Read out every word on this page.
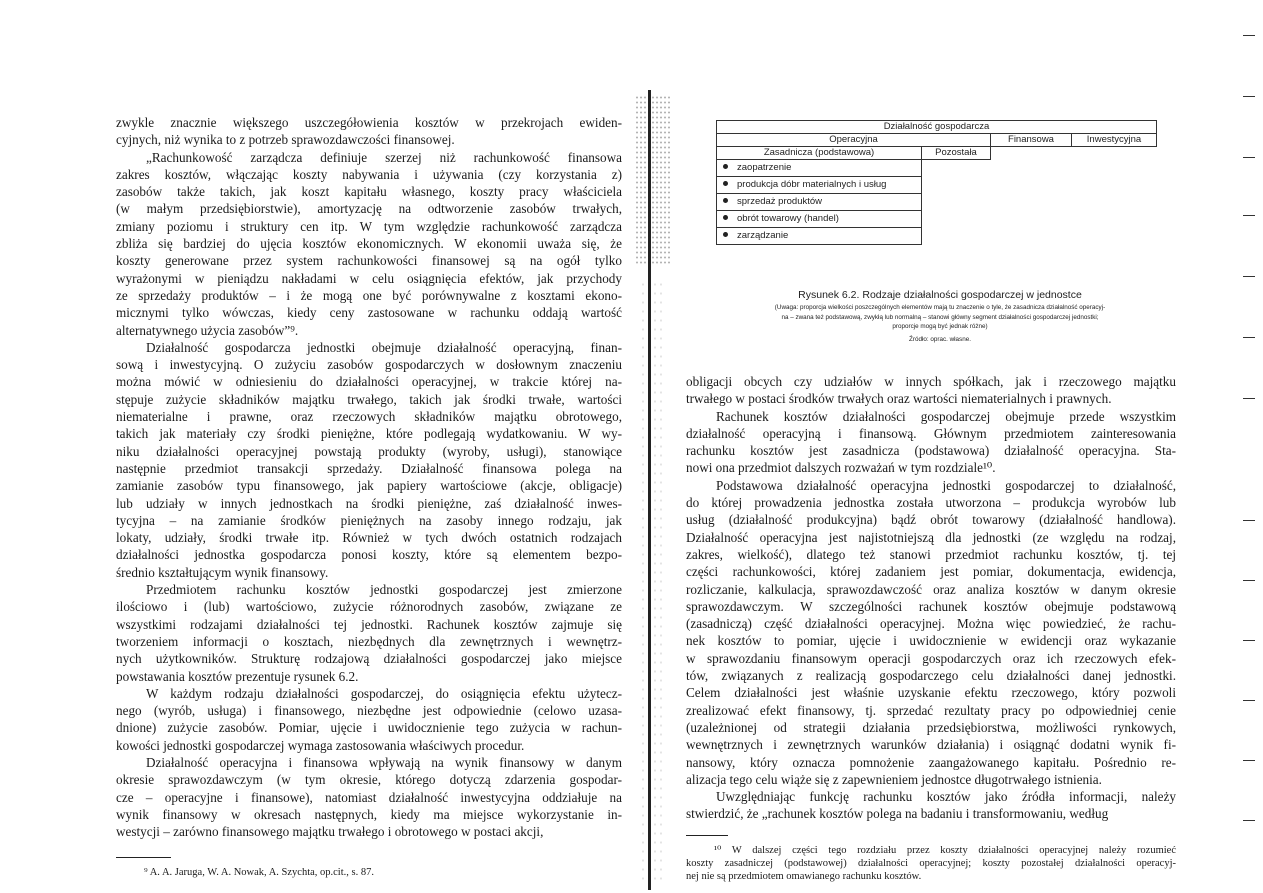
zwykle znacznie większego uszczegółowienia kosztów w przekrojach ewiden-
cyjnych, niż wynika to z potrzeb sprawozdawczości finansowej.
„Rachunkowość zarządcza definiuje szerzej niż rachunkowość finansowa
zakres kosztów, włączając koszty nabywania i używania (czy korzystania z)
zasobów także takich, jak koszt kapitału własnego, koszty pracy właściciela
(w małym przedsiębiorstwie), amortyzację na odtworzenie zasobów trwałych,
zmiany poziomu i struktury cen itp. W tym względzie rachunkowość zarządcza
zbliża się bardziej do ujęcia kosztów ekonomicznych. W ekonomii uważa się, że
koszty generowane przez system rachunkowości finansowej są na ogół tylko
wyrażonymi w pieniądzu nakładami w celu osiągnięcia efektów, jak przychody
ze sprzedaży produktów – i że mogą one być porównywalne z kosztami ekono-
micznymi tylko wówczas, kiedy ceny zastosowane w rachunku oddają wartość
alternatywnego użycia zasobów”⁹.
Działalność gospodarcza jednostki obejmuje działalność operacyjną, finan-
sową i inwestycyjną. O zużyciu zasobów gospodarczych w dosłownym znaczeniu
można mówić w odniesieniu do działalności operacyjnej, w trakcie której na-
stępuje zużycie składników majątku trwałego, takich jak środki trwałe, wartości
niematerialne i prawne, oraz rzeczowych składników majątku obrotowego,
takich jak materiały czy środki pieniężne, które podlegają wydatkowaniu. W wy-
niku działalności operacyjnej powstają produkty (wyroby, usługi), stanowiące
następnie przedmiot transakcji sprzedaży. Działalność finansowa polega na
zamianie zasobów typu finansowego, jak papiery wartościowe (akcje, obligacje)
lub udziały w innych jednostkach na środki pieniężne, zaś działalność inwes-
tycyjna – na zamianie środków pieniężnych na zasoby innego rodzaju, jak
lokaty, udziały, środki trwałe itp. Również w tych dwóch ostatnich rodzajach
działalności jednostka gospodarcza ponosi koszty, które są elementem bezpo-
średnio kształtującym wynik finansowy.
Przedmiotem rachunku kosztów jednostki gospodarczej jest zmierzone
ilościowo i (lub) wartościowo, zużycie różnorodnych zasobów, związane ze
wszystkimi rodzajami działalności tej jednostki. Rachunek kosztów zajmuje się
tworzeniem informacji o kosztach, niezbędnych dla zewnętrznych i wewnętrz-
nych użytkowników. Strukturę rodzajową działalności gospodarczej jako miejsce
powstawania kosztów prezentuje rysunek 6.2.
W każdym rodzaju działalności gospodarczej, do osiągnięcia efektu użytecz-
nego (wyrób, usługa) i finansowego, niezbędne jest odpowiednie (celowo uzasa-
dnione) zużycie zasobów. Pomiar, ujęcie i uwidocznienie tego zużycia w rachun-
kowości jednostki gospodarczej wymaga zastosowania właściwych procedur.
Działalność operacyjna i finansowa wpływają na wynik finansowy w danym
okresie sprawozdawczym (w tym okresie, którego dotyczą zdarzenia gospodar-
cze – operacyjne i finansowe), natomiast działalność inwestycyjna oddziałuje na
wynik finansowy w okresach następnych, kiedy ma miejsce wykorzystanie in-
westycji – zarówno finansowego majątku trwałego i obrotowego w postaci akcji,
⁹ A. A. Jaruga, W. A. Nowak, A. Szychta, op.cit., s. 87.
Działalność gospodarcza
Operacyjna	Finansowa	Inwestycyjna
Zasadnicza (podstawowa)	Pozostała
zaopatrzenie
produkcja dóbr materialnych i usług
sprzedaż produktów
obrót towarowy (handel)
zarządzanie
Rysunek 6.2. Rodzaje działalności gospodarczej w jednostce
(Uwaga: proporcja wielkości poszczególnych elementów mają tu znaczenie o tyle, że zasadnicza działalność operacyj-
na – zwana też podstawową, zwykłą lub normalną – stanowi główny segment działalności gospodarczej jednostki;
proporcje mogą być jednak różne)
Źródło: oprac. własne.
obligacji obcych czy udziałów w innych spółkach, jak i rzeczowego majątku
trwałego w postaci środków trwałych oraz wartości niematerialnych i prawnych.
Rachunek kosztów działalności gospodarczej obejmuje przede wszystkim
działalność operacyjną i finansową. Głównym przedmiotem zainteresowania
rachunku kosztów jest zasadnicza (podstawowa) działalność operacyjna. Sta-
nowi ona przedmiot dalszych rozważań w tym rozdziale¹⁰.
Podstawowa działalność operacyjna jednostki gospodarczej to działalność,
do której prowadzenia jednostka została utworzona – produkcja wyrobów lub
usług (działalność produkcyjna) bądź obrót towarowy (działalność handlowa).
Działalność operacyjna jest najistotniejszą dla jednostki (ze względu na rodzaj,
zakres, wielkość), dlatego też stanowi przedmiot rachunku kosztów, tj. tej
części rachunkowości, której zadaniem jest pomiar, dokumentacja, ewidencja,
rozliczanie, kalkulacja, sprawozdawczość oraz analiza kosztów w danym okresie
sprawozdawczym. W szczególności rachunek kosztów obejmuje podstawową
(zasadniczą) część działalności operacyjnej. Można więc powiedzieć, że rachu-
nek kosztów to pomiar, ujęcie i uwidocznienie w ewidencji oraz wykazanie
w sprawozdaniu finansowym operacji gospodarczych oraz ich rzeczowych efek-
tów, związanych z realizacją gospodarczego celu działalności danej jednostki.
Celem działalności jest właśnie uzyskanie efektu rzeczowego, który pozwoli
zrealizować efekt finansowy, tj. sprzedać rezultaty pracy po odpowiedniej cenie
(uzależnionej od strategii działania przedsiębiorstwa, możliwości rynkowych,
wewnętrznych i zewnętrznych warunków działania) i osiągnąć dodatni wynik fi-
nansowy, który oznacza pomnożenie zaangażowanego kapitału. Pośrednio re-
alizacja tego celu wiąże się z zapewnieniem jednostce długotrwałego istnienia.
Uwzględniając funkcję rachunku kosztów jako źródła informacji, należy
stwierdzić, że „rachunek kosztów polega na badaniu i transformowaniu, według
¹⁰ W dalszej części tego rozdziału przez koszty działalności operacyjnej należy rozumieć
koszty zasadniczej (podstawowej) działalności operacyjnej; koszty pozostałej działalności operacyj-
nej nie są przedmiotem omawianego rachunku kosztów.
